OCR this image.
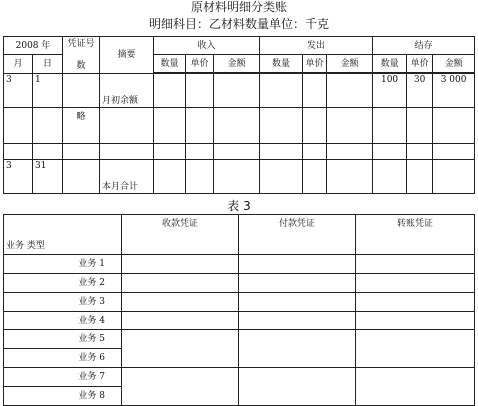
原材料明细分类账
明细科目：乙材料数量单位：千克
2008 年		凭证号
数	摘要	收入			发出			结存		
月	日			数量	单价	金额	数量	单价	金额	数量	单价	金额

3	1		月初余额							100	30	3 000
		略										

3	31		本月合计									
表 3
业务 类型	收款凭证	付款凭证	转账凭证
业务 1			
业务 2			
业务 3			
业务 4			

业务 5
业务 6			

业务 7
业务 8			
